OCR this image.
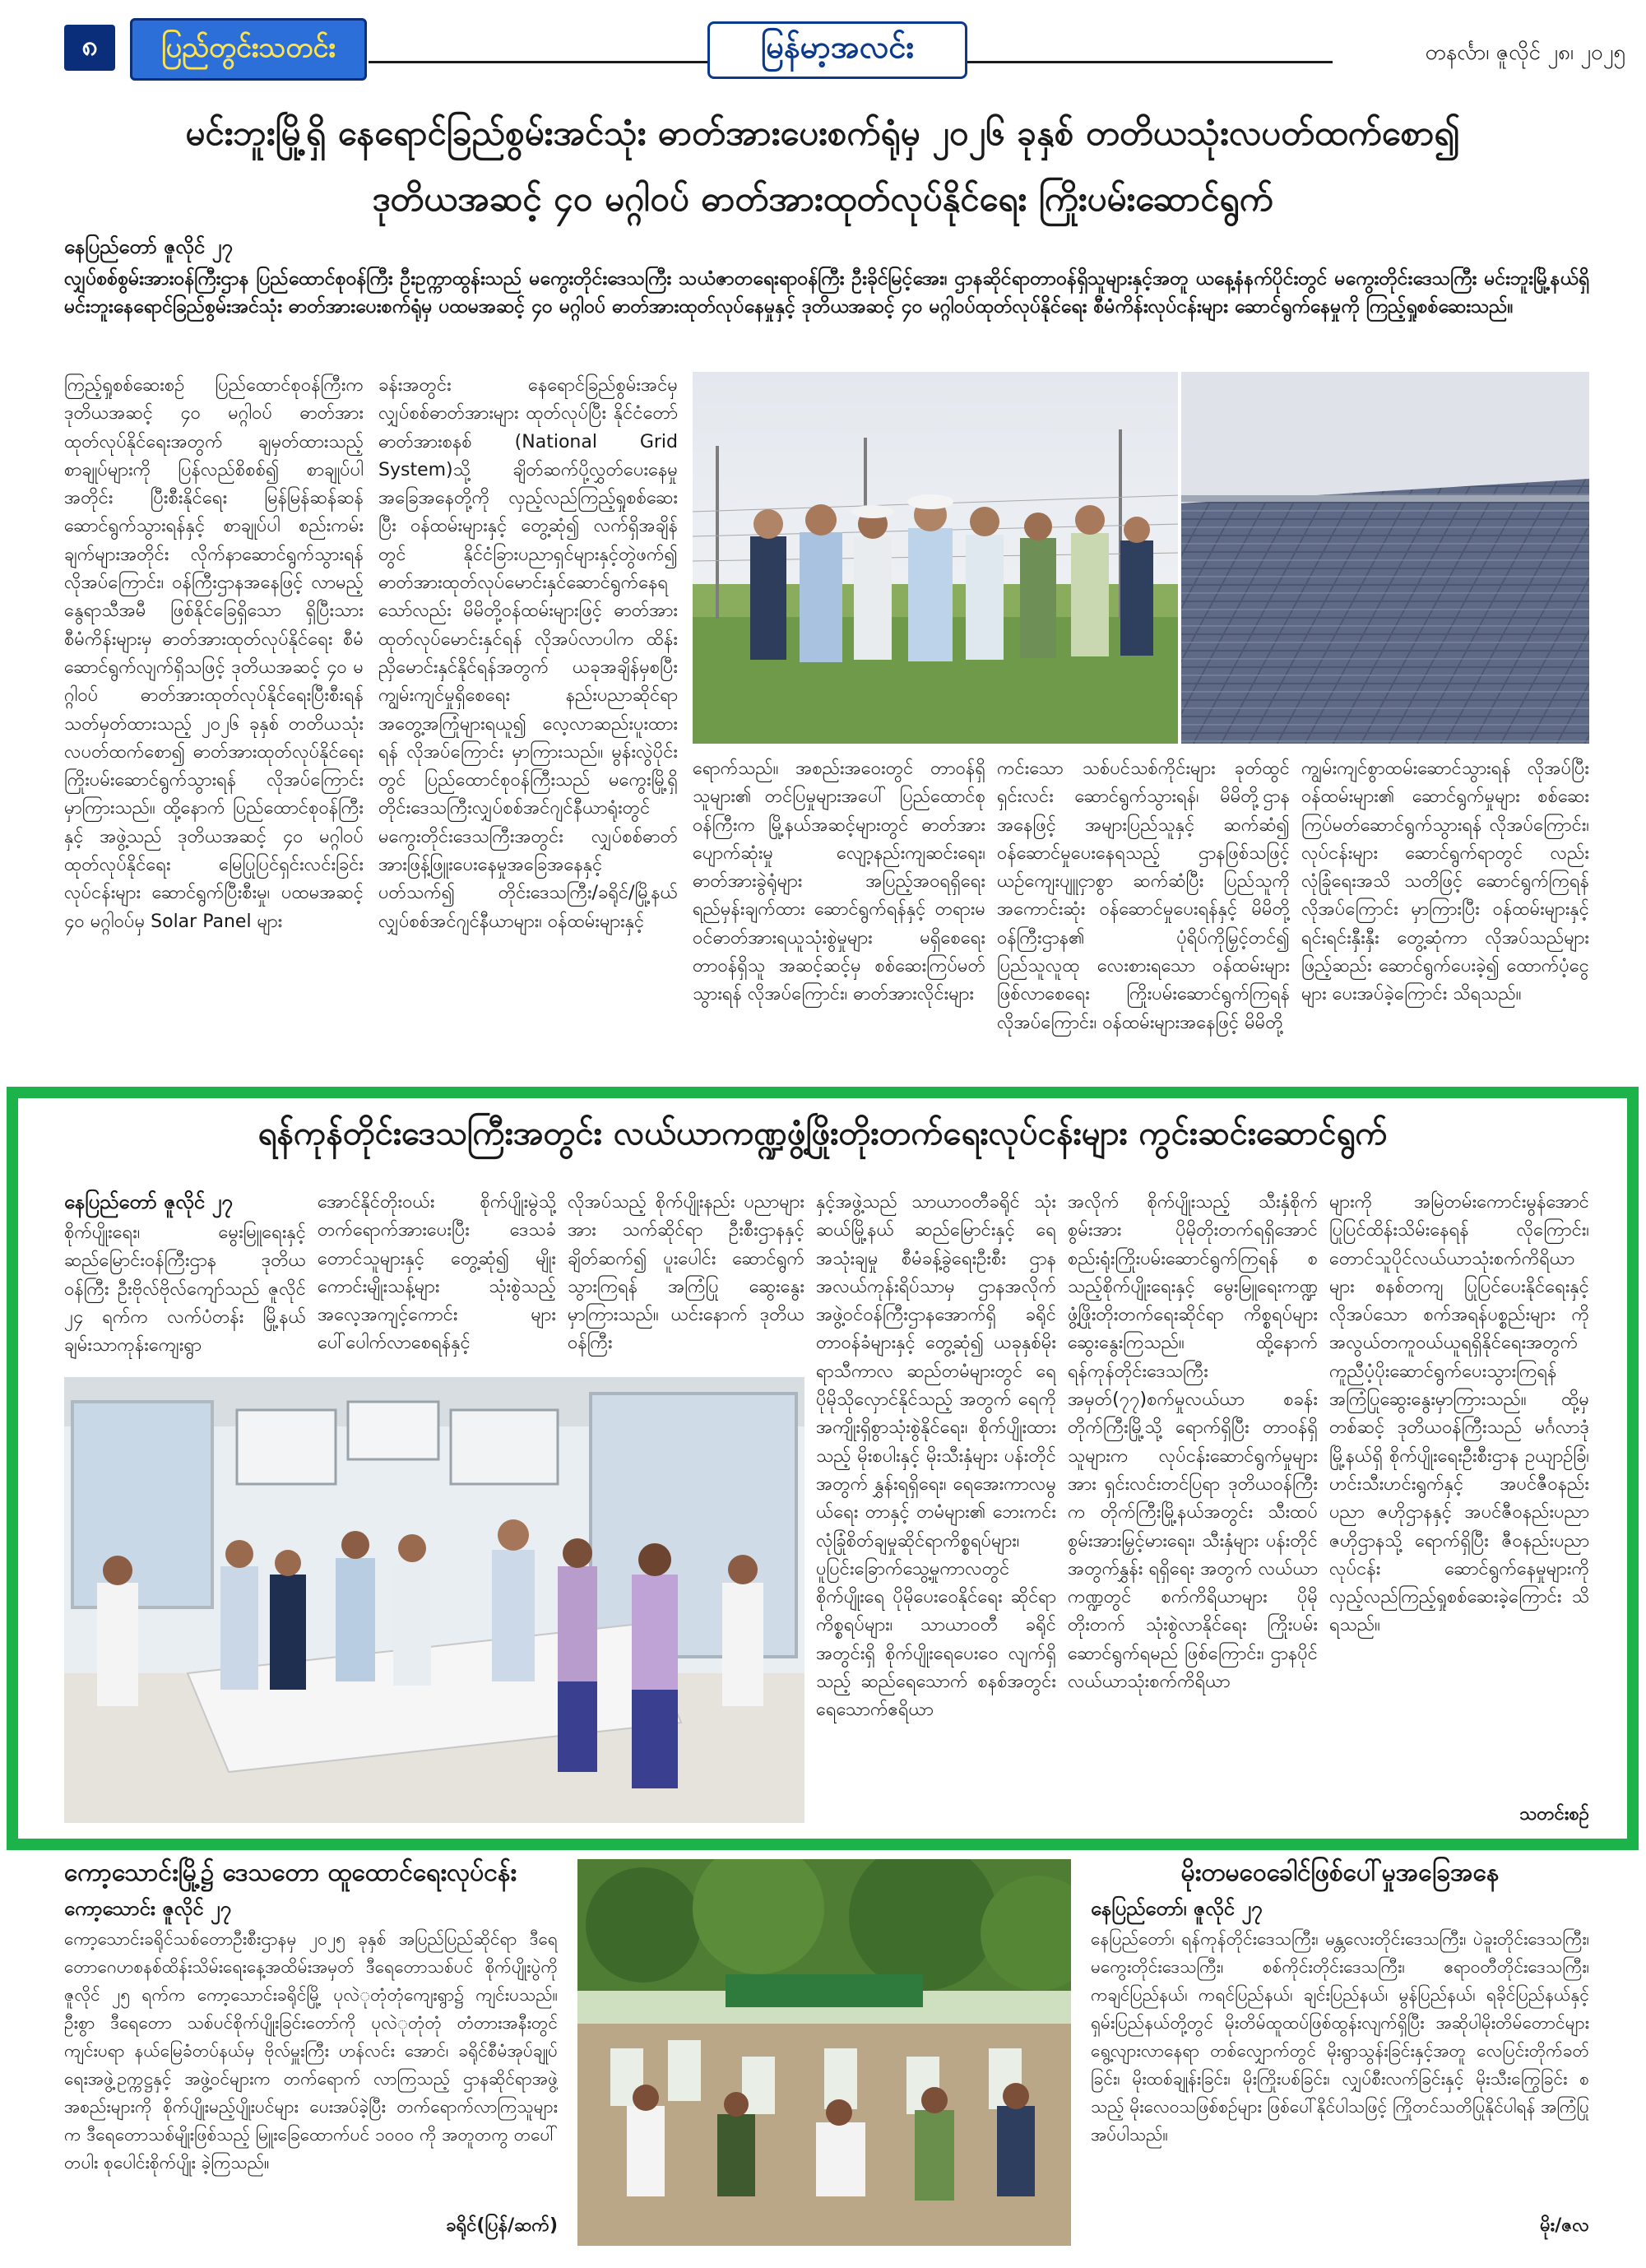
၈	ပြည်တွင်းသတင်း	မြန်မာ့အလင်း	တနင်္လာ၊ ဇူလိုင် ၂၈၊ ၂၀၂၅
မင်းဘူးမြို့ရှိ နေရောင်ခြည်စွမ်းအင်သုံး ဓာတ်အားပေးစက်ရုံမှ ၂၀၂၆ ခုနှစ် တတိယသုံးလပတ်ထက်စော၍
ဒုတိယအဆင့် ၄၀ မဂ္ဂါဝပ် ဓာတ်အားထုတ်လုပ်နိုင်ရေး ကြိုးပမ်းဆောင်ရွက်
နေပြည်တော် ဇူလိုင် ၂၇
လျှပ်စစ်စွမ်းအားဝန်ကြီးဌာန ပြည်ထောင်စုဝန်ကြီး ဦးဥက္ကာထွန်းသည် မကွေးတိုင်းဒေသကြီး သယံဇာတရေးရာဝန်ကြီး ဦးခိုင်မြင့်အေး၊ ဌာနဆိုင်ရာတာဝန်ရှိသူများနှင့်အတူ ယနေ့နံနက်ပိုင်းတွင် မကွေးတိုင်းဒေသကြီး မင်းဘူးမြို့နယ်ရှိ မင်းဘူးနေရောင်ခြည်စွမ်းအင်သုံး ဓာတ်အားပေးစက်ရုံမှ ပထမအဆင့် ၄၀ မဂ္ဂါဝပ် ဓာတ်အားထုတ်လုပ်နေမှုနှင့် ဒုတိယအဆင့် ၄၀ မဂ္ဂါဝပ်ထုတ်လုပ်နိုင်ရေး စီမံကိန်းလုပ်ငန်းများ ဆောင်ရွက်နေမှုကို ကြည့်ရှုစစ်ဆေးသည်။
ကြည့်ရှုစစ်ဆေးစဉ် ပြည်ထောင်စုဝန်ကြီးက ဒုတိယအဆင့် ၄၀ မဂ္ဂါဝပ် ဓာတ်အား ထုတ်လုပ်နိုင်ရေးအတွက် ချမှတ်ထားသည့်စာချုပ်များကို ပြန်လည်စိစစ်၍ စာချုပ်ပါအတိုင်း ပြီးစီးနိုင်ရေး မြန်မြန်ဆန်ဆန် ဆောင်ရွက်သွားရန်နှင့် စာချုပ်ပါ စည်းကမ်းချက်များအတိုင်း လိုက်နာဆောင်ရွက်သွားရန် လိုအပ်ကြောင်း၊ ဝန်ကြီးဌာနအနေဖြင့် လာမည့် နွေရာသီအမီ ဖြစ်နိုင်ခြေရှိသော ရှိပြီးသား စီမံကိန်းများမှ ဓာတ်အားထုတ်လုပ်နိုင်ရေး စီမံဆောင်ရွက်လျက်ရှိသဖြင့် ဒုတိယအဆင့် ၄၀ မဂ္ဂါဝပ် ဓာတ်အားထုတ်လုပ်နိုင်ရေးပြီးစီးရန် သတ်မှတ်ထားသည့် ၂၀၂၆ ခုနှစ် တတိယသုံးလပတ်ထက်စော၍ ဓာတ်အားထုတ်လုပ်နိုင်ရေး ကြိုးပမ်းဆောင်ရွက်သွားရန် လိုအပ်ကြောင်း မှာကြားသည်။ ထို့နောက် ပြည်ထောင်စုဝန်ကြီးနှင့် အဖွဲ့သည် ဒုတိယအဆင့် ၄၀ မဂ္ဂါဝပ် ထုတ်လုပ်နိုင်ရေး မြေပြုပြင်ရှင်းလင်းခြင်း လုပ်ငန်းများ ဆောင်ရွက်ပြီးစီးမှု၊ ပထမအဆင့် ၄၀ မဂ္ဂါဝပ်မှ Solar Panel များ
ခန်းအတွင်း နေရောင်ခြည်စွမ်းအင်မှ လျှပ်စစ်ဓာတ်အားများ ထုတ်လုပ်ပြီး နိုင်ငံတော်ဓာတ်အားစနစ် (National Grid System)သို့ ချိတ်ဆက်ပို့လွှတ်ပေးနေမှုအခြေအနေတို့ကို လှည့်လည်ကြည့်ရှုစစ်ဆေးပြီး ဝန်ထမ်းများနှင့် တွေ့ဆုံ၍ လက်ရှိအချိန်တွင် နိုင်ငံခြားပညာရှင်များနှင့်တွဲဖက်၍ ဓာတ်အားထုတ်လုပ်မောင်းနှင်ဆောင်ရွက်နေရသော်လည်း မိမိတို့ဝန်ထမ်းများဖြင့် ဓာတ်အားထုတ်လုပ်မောင်းနှင်ရန် လိုအပ်လာပါက ထိန်းညှိမောင်းနှင်နိုင်ရန်အတွက် ယခုအချိန်မှစပြီး ကျွမ်းကျင်မှုရှိစေရေး နည်းပညာဆိုင်ရာ အတွေ့အကြုံများရယူ၍ လေ့လာဆည်းပူးထားရန် လိုအပ်ကြောင်း မှာကြားသည်။ မွန်းလွဲပိုင်းတွင် ပြည်ထောင်စုဝန်ကြီးသည် မကွေးမြို့ရှိ တိုင်းဒေသကြီးလျှပ်စစ်အင်ဂျင်နီယာရုံးတွင် မကွေးတိုင်းဒေသကြီးအတွင်း လျှပ်စစ်ဓာတ်အားဖြန့်ဖြူးပေးနေမှုအခြေအနေနှင့် ပတ်သက်၍ တိုင်းဒေသကြီး/ခရိုင်/မြို့နယ် လျှပ်စစ်အင်ဂျင်နီယာများ၊ ဝန်ထမ်းများနှင့်
ရောက်သည်။ အစည်းအဝေးတွင် တာဝန်ရှိသူများ၏ တင်ပြမှုများအပေါ် ပြည်ထောင်စုဝန်ကြီးက မြို့နယ်အဆင့်များတွင် ဓာတ်အားပျောက်ဆုံးမှု လျော့နည်းကျဆင်းရေး၊ ဓာတ်အားခွဲရုံများ အပြည့်အဝရရှိရေး ရည်မှန်းချက်ထား ဆောင်ရွက်ရန်နှင့် တရားမဝင်ဓာတ်အားရယူသုံးစွဲမှုများ မရှိစေရေး တာဝန်ရှိသူ အဆင့်ဆင့်မှ စစ်ဆေးကြပ်မတ်သွားရန် လိုအပ်ကြောင်း၊ ဓာတ်အားလိုင်းများ
ကင်းသော သစ်ပင်သစ်ကိုင်းများ ခုတ်ထွင်ရှင်းလင်း ဆောင်ရွက်သွားရန်၊ မိမိတို့ဌာနအနေဖြင့် အများပြည်သူနှင့် ဆက်ဆံ၍ ဝန်ဆောင်မှုပေးနေရသည့် ဌာနဖြစ်သဖြင့် ယဉ်ကျေးပျူငှာစွာ ဆက်ဆံပြီး ပြည်သူကို အကောင်းဆုံး ဝန်ဆောင်မှုပေးရန်နှင့် မိမိတို့ဝန်ကြီးဌာန၏ ပုံရိပ်ကိုမြှင့်တင်၍ ပြည်သူလူထု လေးစားရသော ဝန်ထမ်းများဖြစ်လာစေရေး ကြိုးပမ်းဆောင်ရွက်ကြရန် လိုအပ်ကြောင်း၊ ဝန်ထမ်းများအနေဖြင့် မိမိတို့
ကျွမ်းကျင်စွာထမ်းဆောင်သွားရန် လိုအပ်ပြီး ဝန်ထမ်းများ၏ ဆောင်ရွက်မှုများ စစ်ဆေးကြပ်မတ်ဆောင်ရွက်သွားရန် လိုအပ်ကြောင်း၊ လုပ်ငန်းများ ဆောင်ရွက်ရာတွင် လည်း လုံခြုံရေးအသိ သတိဖြင့် ဆောင်ရွက်ကြရန် လိုအပ်ကြောင်း မှာကြားပြီး ဝန်ထမ်းများနှင့် ရင်းရင်းနှီးနှီး တွေ့ဆုံကာ လိုအပ်သည်များ ဖြည့်ဆည်း ဆောင်ရွက်ပေးခဲ့၍ ထောက်ပံ့ငွေများ ပေးအပ်ခဲ့ကြောင်း သိရသည်။
ရန်ကုန်တိုင်းဒေသကြီးအတွင်း လယ်ယာကဏ္ဍဖွံ့ဖြိုးတိုးတက်ရေးလုပ်ငန်းများ ကွင်းဆင်းဆောင်ရွက်
နေပြည်တော် ဇူလိုင် ၂၇
စိုက်ပျိုးရေး၊ မွေးမြူရေးနှင့် ဆည်မြောင်းဝန်ကြီးဌာန ဒုတိယဝန်ကြီး ဦးဗိုလ်ဗိုလ်ကျော်သည် ဇူလိုင် ၂၄ ရက်က လက်ပံတန်း မြို့နယ် ချမ်းသာကုန်းကျေးရွာ
အောင်နိုင်တိုးဝယ်း စိုက်ပျိုးမွဲသို့ တက်ရောက်အားပေးပြီး ဒေသခံ တောင်သူများနှင့် တွေ့ဆုံ၍ မျိုးကောင်းမျိုးသန့်များ သုံးစွဲသည့် အလေ့အကျင့်ကောင်း များ ပေါ်ပေါက်လာစေရန်နှင့်
လိုအပ်သည့် စိုက်ပျိုးနည်း ပညာများအား သက်ဆိုင်ရာ ဦးစီးဌာနနှင့်ချိတ်ဆက်၍ ပူးပေါင်း ဆောင်ရွက်သွားကြရန် အကြံပြု ဆွေးနွေးမှာကြားသည်။ ယင်းနောက် ဒုတိယဝန်ကြီး
နှင့်အဖွဲ့သည် သာယာဝတီခရိုင် သုံးဆယ်မြို့နယ် ဆည်မြောင်းနှင့် ရေအသုံးချမှု စီမံခန့်ခွဲရေးဦးစီး ဌာန အလယ်ကုန်းရိပ်သာမှ ဌာနအလိုက်အဖွဲ့ဝင်ဝန်ကြီးဌာနအောက်ရှိ ခရိုင်တာဝန်ခံများနှင့် တွေ့ဆုံ၍ ယခုနှစ်မိုးရာသီကာလ ဆည်တမံများတွင် ရေပိုမိုသိုလှောင်နိုင်သည့် အတွက် ရေကို အကျိုးရှိစွာသုံးစွဲနိုင်ရေး၊ စိုက်ပျိုးထားသည့် မိုးစပါးနှင့် မိုးသီးနှံများ ပန်းတိုင်အတွက် နွှန်းရရှိရေး၊ ရေအေးကာလမွယ်ရေး တာနှင့် တမံများ၏ ဘေးကင်းလုံခြုံစိတ်ချမှုဆိုင်ရာကိစ္စရပ်များ၊ ပူပြင်းခြောက်သွေ့မှုကာလတွင် စိုက်ပျိုးရေ ပိုမိုပေးဝေနိုင်ရေး ဆိုင်ရာကိစ္စရပ်များ၊ သာယာဝတီ ခရိုင်အတွင်းရှိ စိုက်ပျိုးရေပေးဝေ လျက်ရှိသည့် ဆည်ရေသောက် စနစ်အတွင်း ရေသောက်ဧရိယာ
အလိုက် စိုက်ပျိုးသည့် သီးနှံစိုက် စွမ်းအား ပိုမိုတိုးတက်ရရှိအောင် စည်းရုံးကြိုးပမ်းဆောင်ရွက်ကြရန် စသည့်စိုက်ပျိုးရေးနှင့် မွေးမြူရေးကဏ္ဍဖွံ့ဖြိုးတိုးတက်ရေးဆိုင်ရာ ကိစ္စရပ်များ ဆွေးနွေးကြသည်။ ထို့နောက် ရန်ကုန်တိုင်းဒေသကြီး အမှတ်(၇၇)စက်မှုလယ်ယာ စခန်း တိုက်ကြီးမြို့သို့ ရောက်ရှိပြီး တာဝန်ရှိသူများက လုပ်ငန်းဆောင်ရွက်မှုများအား ရှင်းလင်းတင်ပြရာ ဒုတိယဝန်ကြီးက တိုက်ကြီးမြို့နယ်အတွင်း သီးထပ်စွမ်းအားမြှင့်မားရေး၊ သီးနှံများ ပန်းတိုင်အတွက်နွှန်း ရရှိရေး အတွက် လယ်ယာကဏ္ဍတွင် စက်ကိရိယာများ ပိုမိုတိုးတက် သုံးစွဲလာနိုင်ရေး ကြိုးပမ်း ဆောင်ရွက်ရမည် ဖြစ်ကြောင်း၊ ဌာနပိုင်လယ်ယာသုံးစက်ကိရိယာ
များကို အမြဲတမ်းကောင်းမွန်အောင် ပြုပြင်ထိန်းသိမ်းနေရန် လိုကြောင်း၊ တောင်သူပိုင်လယ်ယာသုံးစက်ကိရိယာများ စနစ်တကျ ပြုပြင်ပေးနိုင်ရေးနှင့် လိုအပ်သော စက်အရန်ပစ္စည်းများ ကို အလွယ်တကူဝယ်ယူရရှိနိုင်ရေးအတွက် ကူညီပံ့ပိုးဆောင်ရွက်ပေးသွားကြရန် အကြံပြုဆွေးနွေးမှာကြားသည်။ ထို့မှတစ်ဆင့် ဒုတိယဝန်ကြီးသည် မင်္ဂလာဒုံမြို့နယ်ရှိ စိုက်ပျိုးရေးဦးစီးဌာန ဥယျာဉ်ခြံ၊ ဟင်းသီးဟင်းရွက်နှင့် အပင်ဇီဝနည်းပညာ ဇဟိုဌာနနှင့် အပင်ဇီဝနည်းပညာ ဇဟိုဌာနသို့ ရောက်ရှိပြီး ဇီဝနည်းပညာလုပ်ငန်း ဆောင်ရွက်နေမှုများကို လှည့်လည်ကြည့်ရှုစစ်ဆေးခဲ့ကြောင်း သိရသည်။
သတင်းစဉ်
ကော့သောင်းမြို့၌ ဒေသတော ထူထောင်ရေးလုပ်ငန်း
ကော့သောင်း ဇူလိုင် ၂၇
ကော့သောင်းခရိုင်သစ်တောဦးစီးဌာနမှ ၂၀၂၅ ခုနှစ် အပြည်ပြည်ဆိုင်ရာ ဒီရေတောဂေဟစနစ်ထိန်းသိမ်းရေးနေ့အထိမ်းအမှတ် ဒီရေတောသစ်ပင် စိုက်ပျိုးပွဲကို ဇူလိုင် ၂၅ ရက်က ကော့သောင်းခရိုင်မြို့ ပုလဲုတုံတုံကျေးရွာ၌ ကျင်းပသည်။ ဦးစွာ ဒီရေတော သစ်ပင်စိုက်ပျိုးခြင်းတော်ကို ပုလဲုတုံတုံ တံတားအနီးတွင် ကျင်းပရာ နယ်မြေခံတပ်နယ်မှ ဗိုလ်မှူးကြီး ဟန်လင်း အောင်၊ ခရိုင်စီမံအုပ်ချုပ်ရေးအဖွဲ့ဥက္ကဋ္ဌနှင့် အဖွဲ့ဝင်များက တက်ရောက် လာကြသည့် ဌာနဆိုင်ရာအဖွဲ့အစည်းများကို စိုက်ပျိုးမည့်ပျိုးပင်များ ပေးအပ်ခဲ့ပြီး တက်ရောက်လာကြသူများက ဒီရေတောသစ်မျိုးဖြစ်သည့် မြူးခြေထောက်ပင် ၁၀၀၀ ကို အတူတကွ တပေါ်တပါး စုပေါင်းစိုက်ပျိုး ခဲ့ကြသည်။
ခရိုင်(ပြန်/ဆက်)
မိုးတမဝေခေါင်ဖြစ်ပေါ်မှုအခြေအနေ
နေပြည်တော်၊ ဇူလိုင် ၂၇
နေပြည်တော်၊ ရန်ကုန်တိုင်းဒေသကြီး၊ မန္တလေးတိုင်းဒေသကြီး၊ ပဲခူးတိုင်းဒေသကြီး၊ မကွေးတိုင်းဒေသကြီး၊ စစ်ကိုင်းတိုင်းဒေသကြီး၊ ဧရာဝတီတိုင်းဒေသကြီး၊ ကချင်ပြည်နယ်၊ ကရင်ပြည်နယ်၊ ချင်းပြည်နယ်၊ မွန်ပြည်နယ်၊ ရခိုင်ပြည်နယ်နှင့် ရှမ်းပြည်နယ်တို့တွင် မိုးတိမ်ထူထပ်ဖြစ်ထွန်းလျက်ရှိပြီး အဆိုပါမိုးတိမ်တောင်များ ရွေ့လျားလာနေရာ တစ်လျှောက်တွင် မိုးရွာသွန်းခြင်းနှင့်အတူ လေပြင်းတိုက်ခတ်ခြင်း၊ မိုးထစ်ချုန်းခြင်း၊ မိုးကြိုးပစ်ခြင်း၊ လျှပ်စီးလက်ခြင်းနှင့် မိုးသီးကြွေခြင်း စသည့် မိုးလေဝသဖြစ်စဉ်များ ဖြစ်ပေါ်နိုင်ပါသဖြင့် ကြိုတင်သတိပြုနိုင်ပါရန် အကြံပြုအပ်ပါသည်။
မိုး/ဇလ
